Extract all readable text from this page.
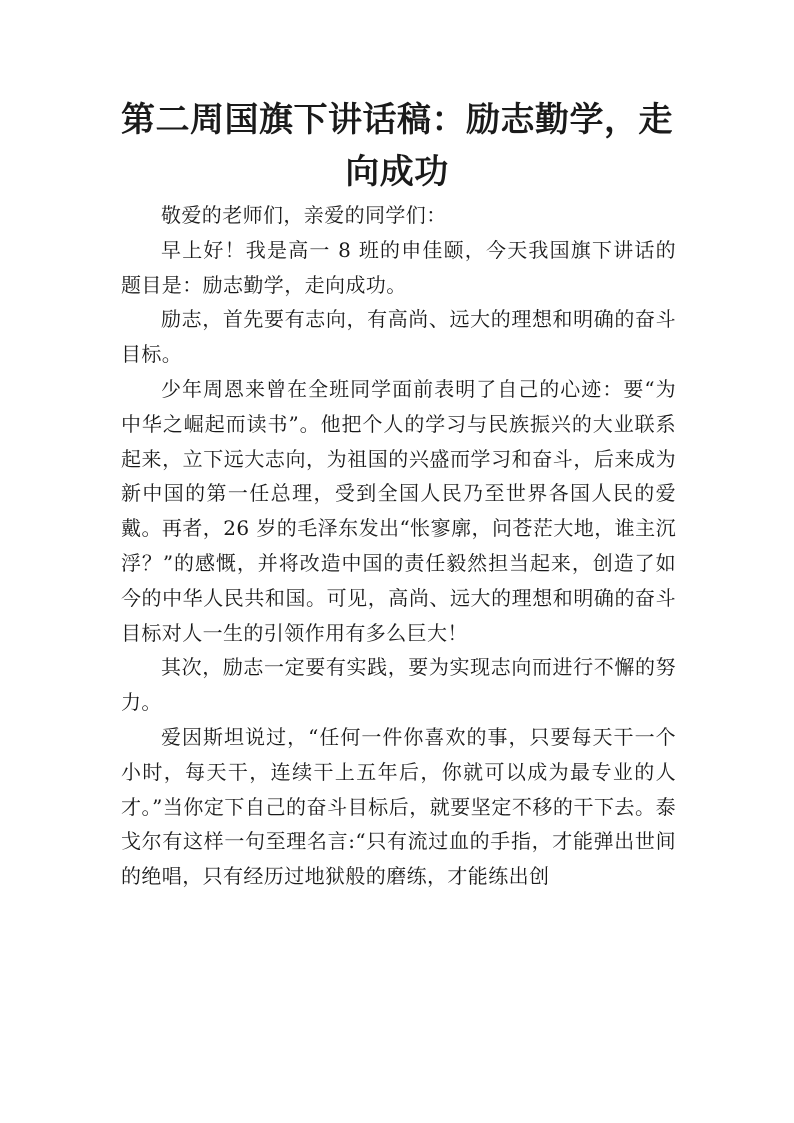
第二周国旗下讲话稿：励志勤学，走向成功

敬爱的老师们，亲爱的同学们：

早上好！我是高一 8 班的申佳颐，今天我国旗下讲话的题目是：励志勤学，走向成功。

励志，首先要有志向，有高尚、远大的理想和明确的奋斗目标。

少年周恩来曾在全班同学面前表明了自己的心迹：要“为中华之崛起而读书”。他把个人的学习与民族振兴的大业联系起来，立下远大志向，为祖国的兴盛而学习和奋斗，后来成为新中国的第一任总理，受到全国人民乃至世界各国人民的爱戴。再者，26 岁的毛泽东发出“怅寥廓，问苍茫大地，谁主沉浮？”的感慨，并将改造中国的责任毅然担当起来，创造了如今的中华人民共和国。可见，高尚、远大的理想和明确的奋斗目标对人一生的引领作用有多么巨大！

其次，励志一定要有实践，要为实现志向而进行不懈的努力。

爱因斯坦说过，“任何一件你喜欢的事，只要每天干一个小时，每天干，连续干上五年后，你就可以成为最专业的人才。”当你定下自己的奋斗目标后，就要坚定不移的干下去。泰戈尔有这样一句至理名言:“只有流过血的手指，才能弹出世间的绝唱，只有经历过地狱般的磨练，才能练出创
